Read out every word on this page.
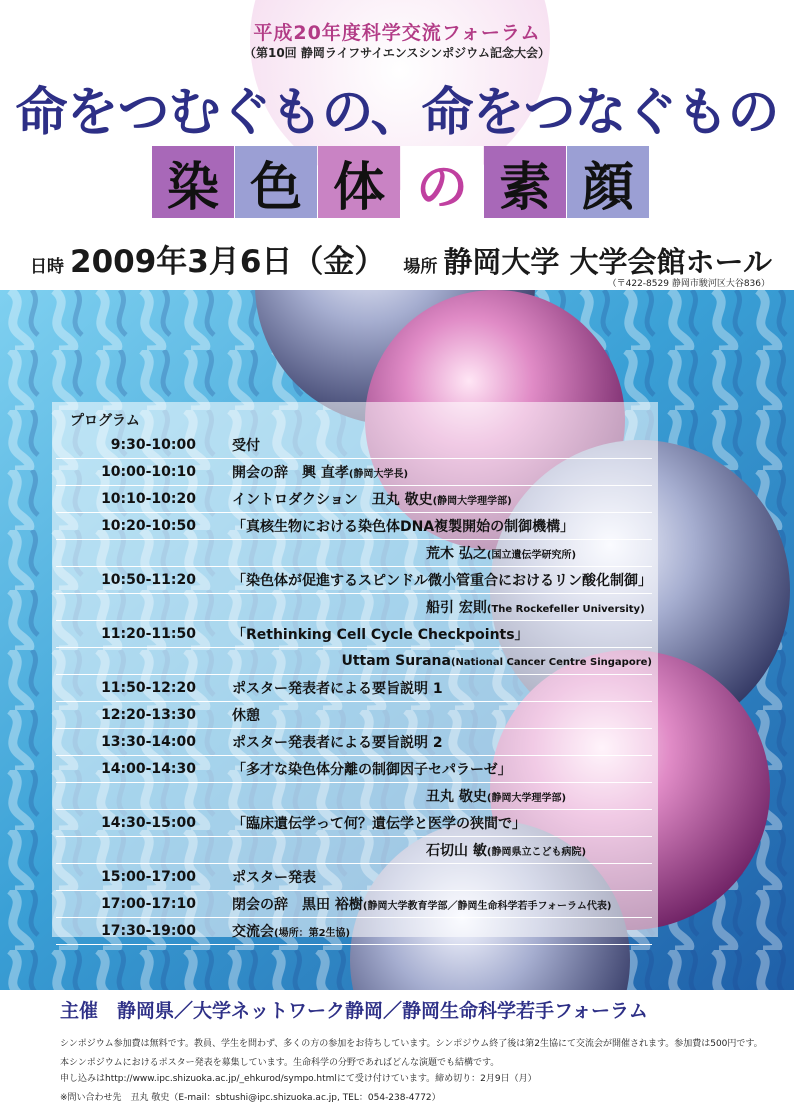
平成20年度科学交流フォーラム
（第10回 静岡ライフサイエンスシンポジウム記念大会）
命をつむぐもの、命をつなぐもの
染 色 体 の 素 顔
日時 2009年3月6日（金） 場所 静岡大学 大学会館ホール
（〒422-8529 静岡市駿河区大谷836）
プログラム
9:30-10:00	受付
10:00-10:10	開会の辞　興 直孝(静岡大学長)
10:10-10:20	イントロダクション　丑丸 敬史(静岡大学理学部)
10:20-10:50	「真核生物における染色体DNA複製開始の制御機構」
荒木 弘之(国立遺伝学研究所)
10:50-11:20	「染色体が促進するスピンドル微小管重合におけるリン酸化制御」
船引 宏則(The Rockefeller University)
11:20-11:50	「Rethinking Cell Cycle Checkpoints」
Uttam Surana(National Cancer Centre Singapore)
11:50-12:20	ポスター発表者による要旨説明 1
12:20-13:30	休憩
13:30-14:00	ポスター発表者による要旨説明 2
14:00-14:30	「多才な染色体分離の制御因子セパラーゼ」
丑丸 敬史(静岡大学理学部)
14:30-15:00	「臨床遺伝学って何？遺伝学と医学の狭間で」
石切山 敏(静岡県立こども病院)
15:00-17:00	ポスター発表
17:00-17:10	閉会の辞　黒田 裕樹(静岡大学教育学部／静岡生命科学若手フォーラム代表)
17:30-19:00	交流会(場所：第2生協)
主催　静岡県／大学ネットワーク静岡／静岡生命科学若手フォーラム
シンポジウム参加費は無料です。教員、学生を問わず、多くの方の参加をお待ちしています。シンポジウム終了後は第2生協にて交流会が開催されます。参加費は500円です。
本シンポジウムにおけるポスター発表を募集しています。生命科学の分野であればどんな演題でも結構です。
申し込みはhttp://www.ipc.shizuoka.ac.jp/_ehkurod/sympo.htmlにて受け付けています。締め切り：2月9日（月）
※問い合わせ先　丑丸 敬史（E-mail：sbtushi@ipc.shizuoka.ac.jp, TEL：054-238-4772）
